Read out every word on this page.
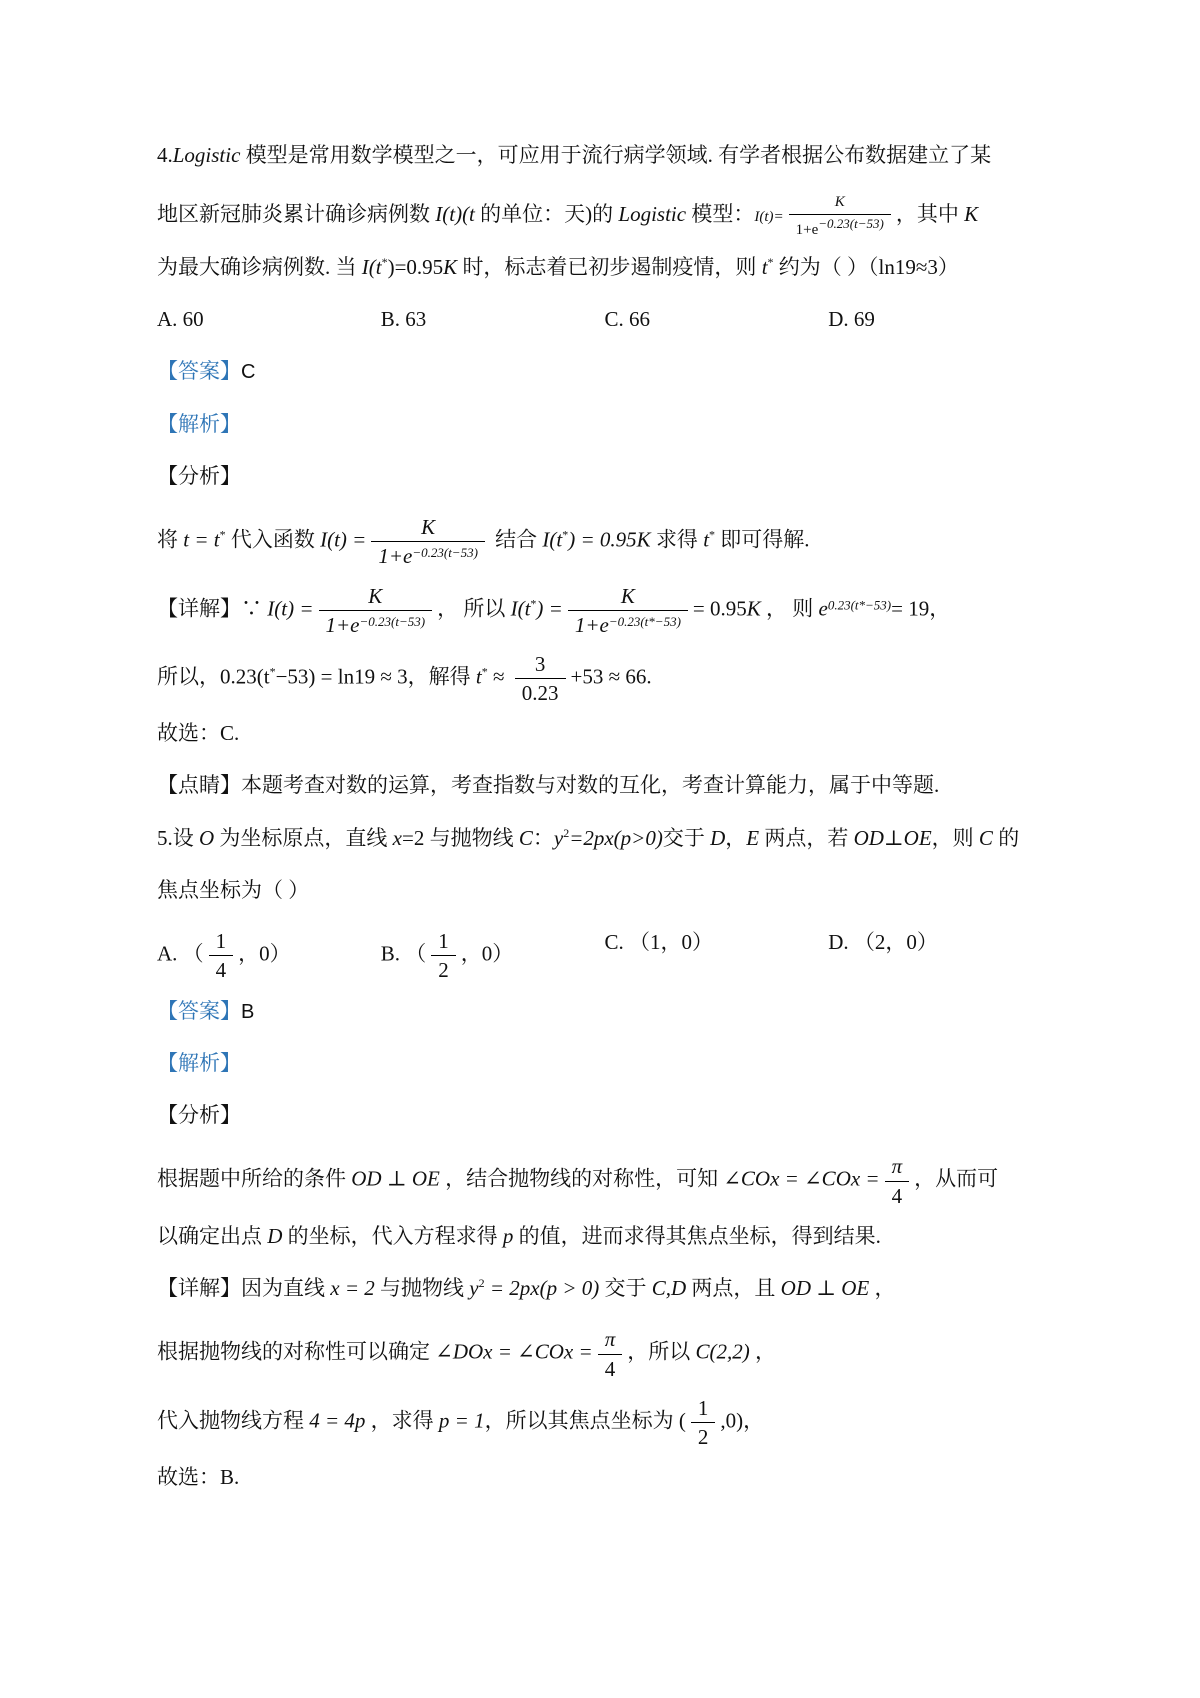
4.Logistic 模型是常用数学模型之一，可应用于流行病学领域. 有学者根据公布数据建立了某
地区新冠肺炎累计确诊病例数 I(t)(t 的单位：天)的 Logistic 模型：$I(t)= \frac{K}{1+e-0.23(t-53)}$ ，其中 K
为最大确诊病例数. 当 I(t*)=0.95K 时，标志着已初步遏制疫情，则 t* 约为（ ）（ln19≈3）
A. 60	B. 63	C. 66	D. 69
【答案】C
【解析】
【分析】
将 t = t* 代入函数 $I(t) = \frac{K}{1+e^{-0.23(t-53)}}$ 结合 I(t*) = 0.95K 求得 t* 即可得解.
【详解】∵ $I(t) = \frac{K}{1+e^{-0.23(t-53)}}$ ， 所以 $I(t^*) = \frac{K}{1+e^{-0.23(t*-53)}} = 0.95K$ ， 则 $e^{0.23(t*-53)}= 19$，
所以，0.23(t*−53) = ln19 ≈ 3，解得 $t^* \approx \frac{3}{0.23} +53 \approx 66$.
故选：C.
【点睛】本题考查对数的运算，考查指数与对数的互化，考查计算能力，属于中等题.
5.设 O 为坐标原点，直线 x=2 与抛物线 C：$y^2=2px(p>0)$交于 D，E 两点，若 OD⊥OE，则 C 的
焦点坐标为（ ）
A. （ $\frac{1}{4}$ ，0）	B. （ $\frac{1}{2}$ ，0）	C. （1，0）	D. （2，0）
【答案】B
【解析】
【分析】
根据题中所给的条件 OD ⊥ OE ，结合抛物线的对称性，可知 ∠COx = ∠COx = $\frac{\pi}{4}$ ，从而可
以确定出点 D 的坐标，代入方程求得 p 的值，进而求得其焦点坐标，得到结果.
【详解】因为直线 x = 2 与抛物线 $y^2 = 2px(p > 0)$ 交于 C,D 两点，且 OD ⊥ OE ，
根据抛物线的对称性可以确定 ∠DOx = ∠COx = $\frac{\pi}{4}$ ，所以 C(2,2) ，
代入抛物线方程 4 = 4p ，求得 p = 1，所以其焦点坐标为 ( $\frac{1}{2} ,0$)，
故选：B.
